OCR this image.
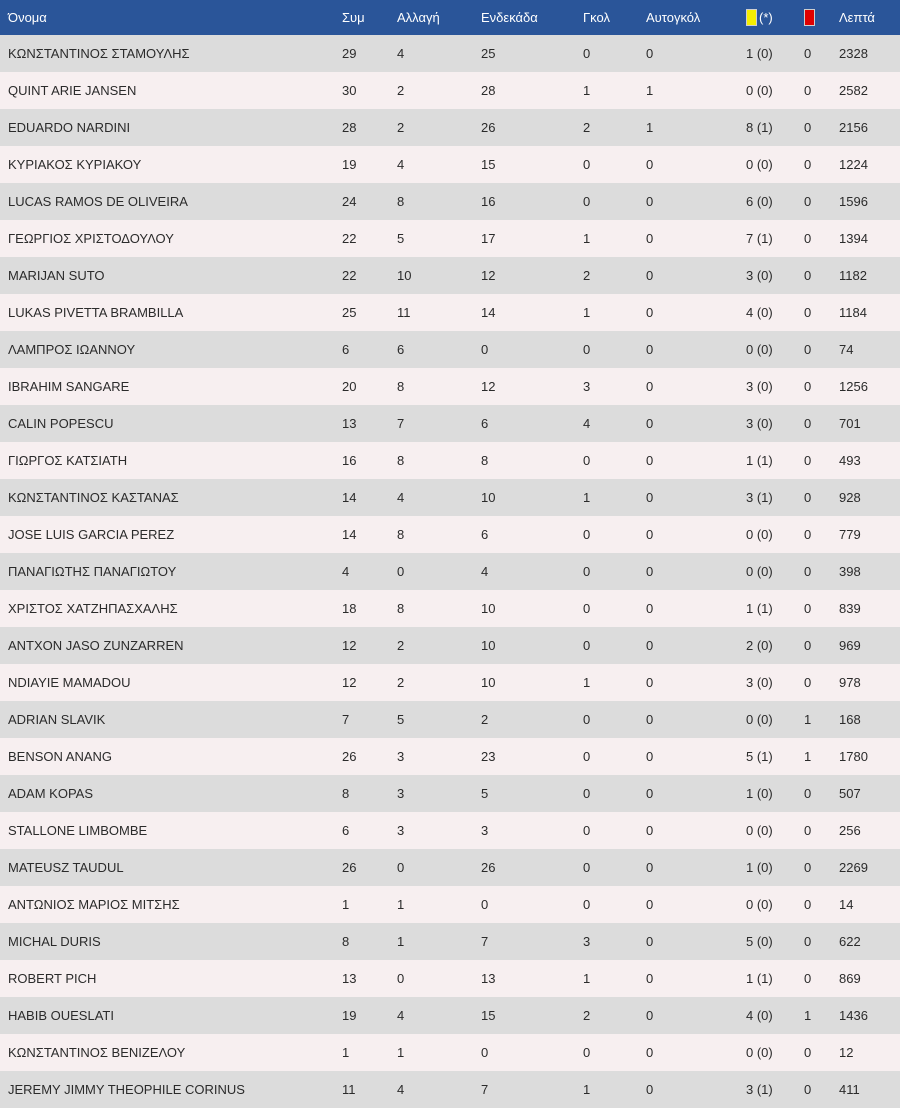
Όνομα	Συμ	Αλλαγή	Ενδεκάδα	Γκολ	Αυτογκόλ	(*)		Λεπτά
ΚΩΝΣΤΑΝΤΙΝΟΣ ΣΤΑΜΟΥΛΗΣ	29	4	25	0	0	1 (0)	0	2328
QUINT ARIE JANSEN	30	2	28	1	1	0 (0)	0	2582
EDUARDO NARDINI	28	2	26	2	1	8 (1)	0	2156
ΚΥΡΙΑΚΟΣ ΚΥΡΙΑΚΟΥ	19	4	15	0	0	0 (0)	0	1224
LUCAS RAMOS DE OLIVEIRA	24	8	16	0	0	6 (0)	0	1596
ΓΕΩΡΓΙΟΣ ΧΡΙΣΤΟΔΟΥΛΟΥ	22	5	17	1	0	7 (1)	0	1394
MARIJAN SUTO	22	10	12	2	0	3 (0)	0	1182
LUKAS PIVETTA BRAMBILLA	25	11	14	1	0	4 (0)	0	1184
ΛΑΜΠΡΟΣ ΙΩΑΝΝΟΥ	6	6	0	0	0	0 (0)	0	74
IBRAHIM SANGARE	20	8	12	3	0	3 (0)	0	1256
CALIN POPESCU	13	7	6	4	0	3 (0)	0	701
ΓΙΩΡΓΟΣ ΚΑΤΣΙΑΤΗ	16	8	8	0	0	1 (1)	0	493
ΚΩΝΣΤΑΝΤΙΝΟΣ ΚΑΣΤΑΝΑΣ	14	4	10	1	0	3 (1)	0	928
JOSE LUIS GARCIA PEREZ	14	8	6	0	0	0 (0)	0	779
ΠΑΝΑΓΙΩΤΗΣ ΠΑΝΑΓΙΩΤΟΥ	4	0	4	0	0	0 (0)	0	398
ΧΡΙΣΤΟΣ ΧΑΤΖΗΠΑΣΧΑΛΗΣ	18	8	10	0	0	1 (1)	0	839
ANTXON JASO ZUNZARREN	12	2	10	0	0	2 (0)	0	969
NDIAYIE MAMADOU	12	2	10	1	0	3 (0)	0	978
ADRIAN SLAVIK	7	5	2	0	0	0 (0)	1	168
BENSON ANANG	26	3	23	0	0	5 (1)	1	1780
ADAM KOPAS	8	3	5	0	0	1 (0)	0	507
STALLONE LIMBOMBE	6	3	3	0	0	0 (0)	0	256
MATEUSZ TAUDUL	26	0	26	0	0	1 (0)	0	2269
ΑΝΤΩΝΙΟΣ ΜΑΡΙΟΣ ΜΙΤΣΗΣ	1	1	0	0	0	0 (0)	0	14
MICHAL DURIS	8	1	7	3	0	5 (0)	0	622
ROBERT PICH	13	0	13	1	0	1 (1)	0	869
HABIB OUESLATI	19	4	15	2	0	4 (0)	1	1436
ΚΩΝΣΤΑΝΤΙΝΟΣ ΒΕΝΙΖΕΛΟΥ	1	1	0	0	0	0 (0)	0	12
JEREMY JIMMY THEOPHILE CORINUS	11	4	7	1	0	3 (1)	0	411
